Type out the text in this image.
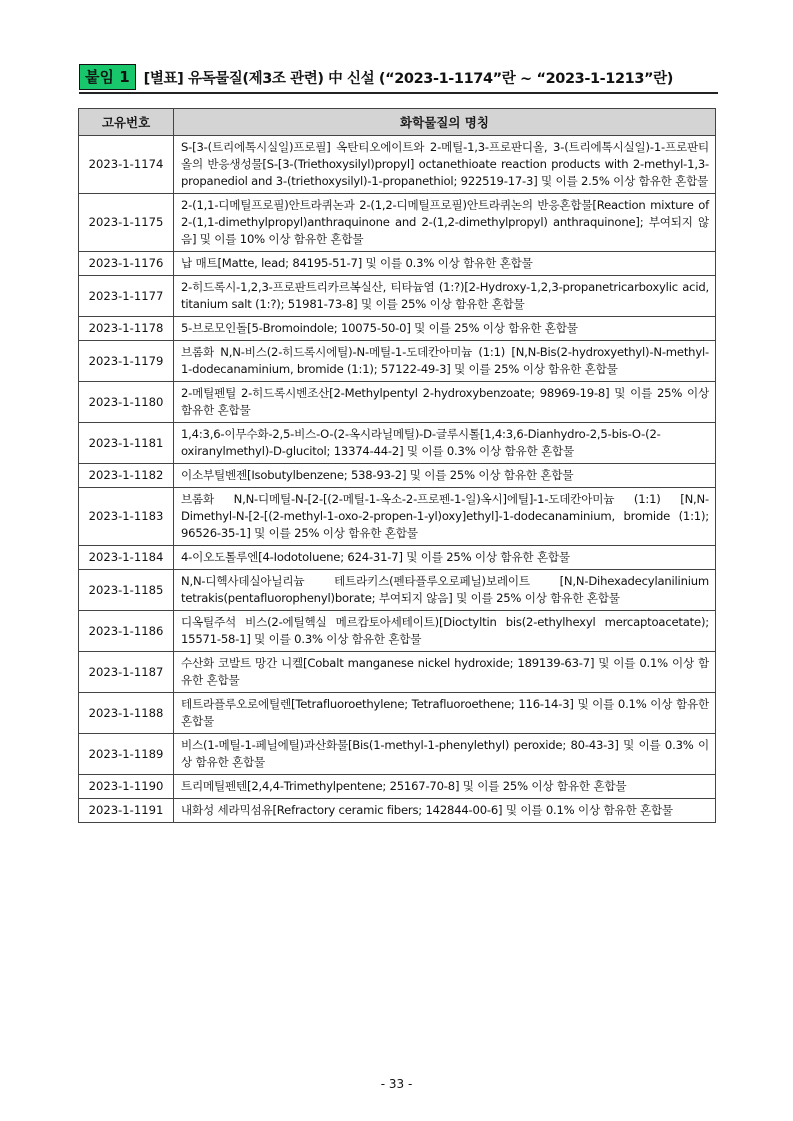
붙임 1 [별표] 유독물질(제3조 관련) 中 신설 (“2023-1-1174”란 ~ “2023-1-1213”란)
고유번호	화학물질의 명칭
2023-1-1174	S-[3-(트리에톡시실일)프로필] 옥탄티오에이트와 2-메틸-1,3-프로판디올, 3-(트리에톡시실일)-1-프로판티올의 반응생성물[S-[3-(Triethoxysilyl)propyl] octanethioate reaction products with 2-methyl-1,3-propanediol and 3-(triethoxysilyl)-1-propanethiol; 922519-17-3] 및 이를 2.5% 이상 함유한 혼합물
2023-1-1175	2-(1,1-디메틸프로필)안트라퀴논과 2-(1,2-디메틸프로필)안트라퀴논의 반응혼합물[Reaction mixture of 2-(1,1-dimethylpropyl)anthraquinone and 2-(1,2-dimethylpropyl) anthraquinone]; 부여되지 않음] 및 이를 10% 이상 함유한 혼합물
2023-1-1176	납 매트[Matte, lead; 84195-51-7] 및 이를 0.3% 이상 함유한 혼합물
2023-1-1177	2-히드록시-1,2,3-프로판트리카르복실산, 티타늄염 (1:?)[2-Hydroxy-1,2,3-propanetricarboxylic acid, titanium salt (1:?); 51981-73-8] 및 이를 25% 이상 함유한 혼합물
2023-1-1178	5-브로모인돌[5-Bromoindole; 10075-50-0] 및 이를 25% 이상 함유한 혼합물
2023-1-1179	브롬화 N,N-비스(2-히드록시에틸)-N-메틸-1-도데칸아미늄 (1:1) [N,N-Bis(2-hydroxyethyl)-N-methyl-1-dodecanaminium, bromide (1:1); 57122-49-3] 및 이를 25% 이상 함유한 혼합물
2023-1-1180	2-메틸펜틸 2-히드록시벤조산[2-Methylpentyl 2-hydroxybenzoate; 98969-19-8] 및 이를 25% 이상 함유한 혼합물
2023-1-1181	1,4:3,6-이무수화-2,5-비스-O-(2-옥시라닐메틸)-D-글루시톨[1,4:3,6-Dianhydro-2,5-bis-O-(2-oxiranylmethyl)-D-glucitol; 13374-44-2] 및 이를 0.3% 이상 함유한 혼합물
2023-1-1182	이소부틸벤젠[Isobutylbenzene; 538-93-2] 및 이를 25% 이상 함유한 혼합물
2023-1-1183	브롬화 N,N-디메틸-N-[2-[(2-메틸-1-옥소-2-프로펜-1-일)옥시]에틸]-1-도데칸아미늄 (1:1) [N,N-Dimethyl-N-[2-[(2-methyl-1-oxo-2-propen-1-yl)oxy]ethyl]-1-dodecanaminium, bromide (1:1); 96526-35-1] 및 이를 25% 이상 함유한 혼합물
2023-1-1184	4-이오도톨루엔[4-Iodotoluene; 624-31-7] 및 이를 25% 이상 함유한 혼합물
2023-1-1185	N,N-디헥사데실아닐리늄 테트라키스(펜타플루오로페닐)보레이트 [N,N-Dihexadecylanilinium tetrakis(pentafluorophenyl)borate; 부여되지 않음] 및 이를 25% 이상 함유한 혼합물
2023-1-1186	디옥틸주석 비스(2-에틸헥실 메르캅토아세테이트)[Dioctyltin bis(2-ethylhexyl mercaptoacetate); 15571-58-1] 및 이를 0.3% 이상 함유한 혼합물
2023-1-1187	수산화 코발트 망간 니켈[Cobalt manganese nickel hydroxide; 189139-63-7] 및 이를 0.1% 이상 함유한 혼합물
2023-1-1188	테트라플루오로에틸렌[Tetrafluoroethylene; Tetrafluoroethene; 116-14-3] 및 이를 0.1% 이상 함유한 혼합물
2023-1-1189	비스(1-메틸-1-페닐에틸)과산화물[Bis(1-methyl-1-phenylethyl) peroxide; 80-43-3] 및 이를 0.3% 이상 함유한 혼합물
2023-1-1190	트리메틸펜텐[2,4,4-Trimethylpentene; 25167-70-8] 및 이를 25% 이상 함유한 혼합물
2023-1-1191	내화성 세라믹섬유[Refractory ceramic fibers; 142844-00-6] 및 이를 0.1% 이상 함유한 혼합물
- 33 -
